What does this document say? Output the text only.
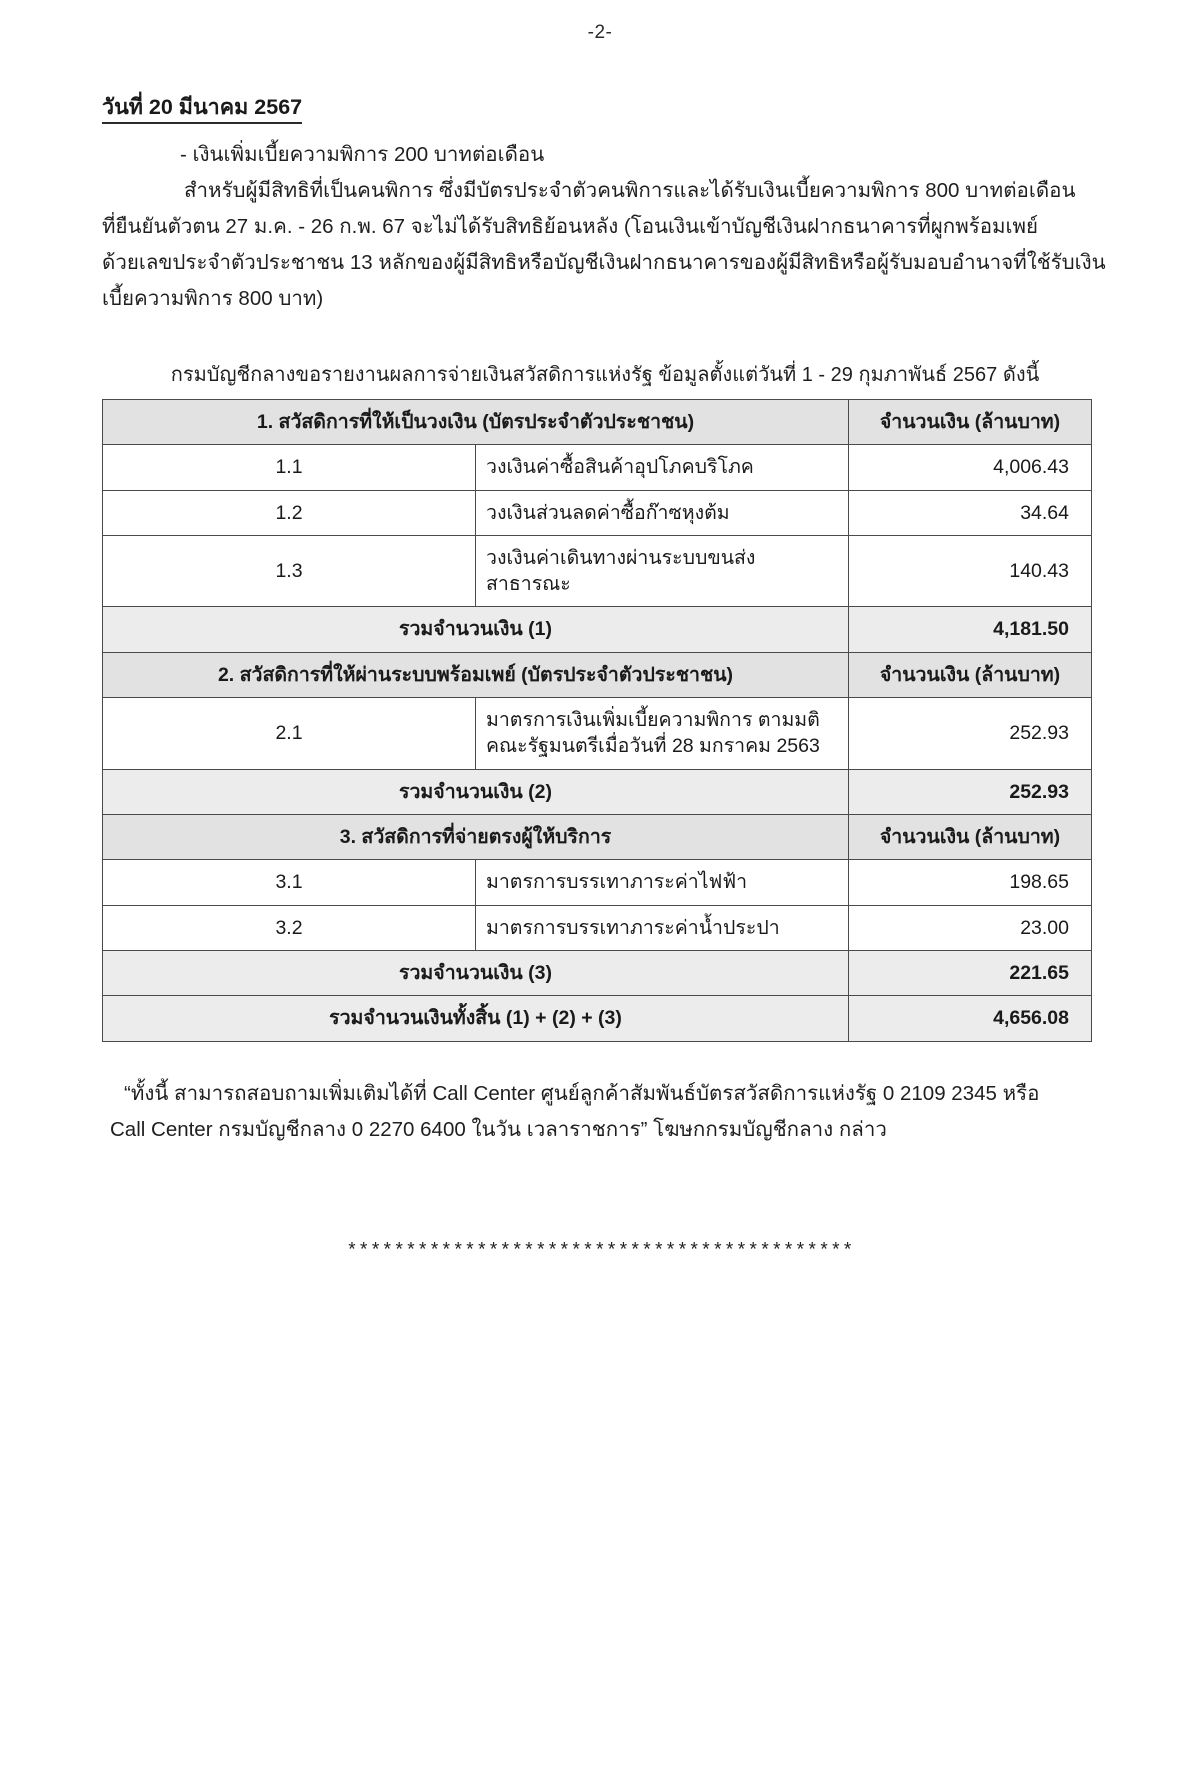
-2-
วันที่ 20 มีนาคม 2567
- เงินเพิ่มเบี้ยความพิการ 200 บาทต่อเดือน
สำหรับผู้มีสิทธิที่เป็นคนพิการ ซึ่งมีบัตรประจำตัวคนพิการและได้รับเงินเบี้ยความพิการ 800 บาทต่อเดือน
ที่ยืนยันตัวตน 27 ม.ค. - 26 ก.พ. 67 จะไม่ได้รับสิทธิย้อนหลัง (โอนเงินเข้าบัญชีเงินฝากธนาคารที่ผูกพร้อมเพย์
ด้วยเลขประจำตัวประชาชน 13 หลักของผู้มีสิทธิหรือบัญชีเงินฝากธนาคารของผู้มีสิทธิหรือผู้รับมอบอำนาจที่ใช้รับเงิน
เบี้ยความพิการ 800 บาท)
กรมบัญชีกลางขอรายงานผลการจ่ายเงินสวัสดิการแห่งรัฐ ข้อมูลตั้งแต่วันที่ 1 - 29 กุมภาพันธ์ 2567 ดังนี้
1. สวัสดิการที่ให้เป็นวงเงิน (บัตรประจำตัวประชาชน)		จำนวนเงิน (ล้านบาท)
1.1	วงเงินค่าซื้อสินค้าอุปโภคบริโภค	4,006.43
1.2	วงเงินส่วนลดค่าซื้อก๊าซหุงต้ม	34.64
1.3	วงเงินค่าเดินทางผ่านระบบขนส่งสาธารณะ	140.43
รวมจำนวนเงิน (1)		4,181.50
2. สวัสดิการที่ให้ผ่านระบบพร้อมเพย์ (บัตรประจำตัวประชาชน)		จำนวนเงิน (ล้านบาท)
2.1	มาตรการเงินเพิ่มเบี้ยความพิการ ตามมติคณะรัฐมนตรีเมื่อวันที่ 28 มกราคม 2563	252.93
รวมจำนวนเงิน (2)		252.93
3. สวัสดิการที่จ่ายตรงผู้ให้บริการ		จำนวนเงิน (ล้านบาท)
3.1	มาตรการบรรเทาภาระค่าไฟฟ้า	198.65
3.2	มาตรการบรรเทาภาระค่าน้ำประปา	23.00
รวมจำนวนเงิน (3)		221.65
รวมจำนวนเงินทั้งสิ้น (1) + (2) + (3)		4,656.08
“ทั้งนี้ สามารถสอบถามเพิ่มเติมได้ที่ Call Center ศูนย์ลูกค้าสัมพันธ์บัตรสวัสดิการแห่งรัฐ 0 2109 2345 หรือ
Call Center กรมบัญชีกลาง 0 2270 6400 ในวัน เวลาราชการ” โฆษกกรมบัญชีกลาง กล่าว
*******************************************
